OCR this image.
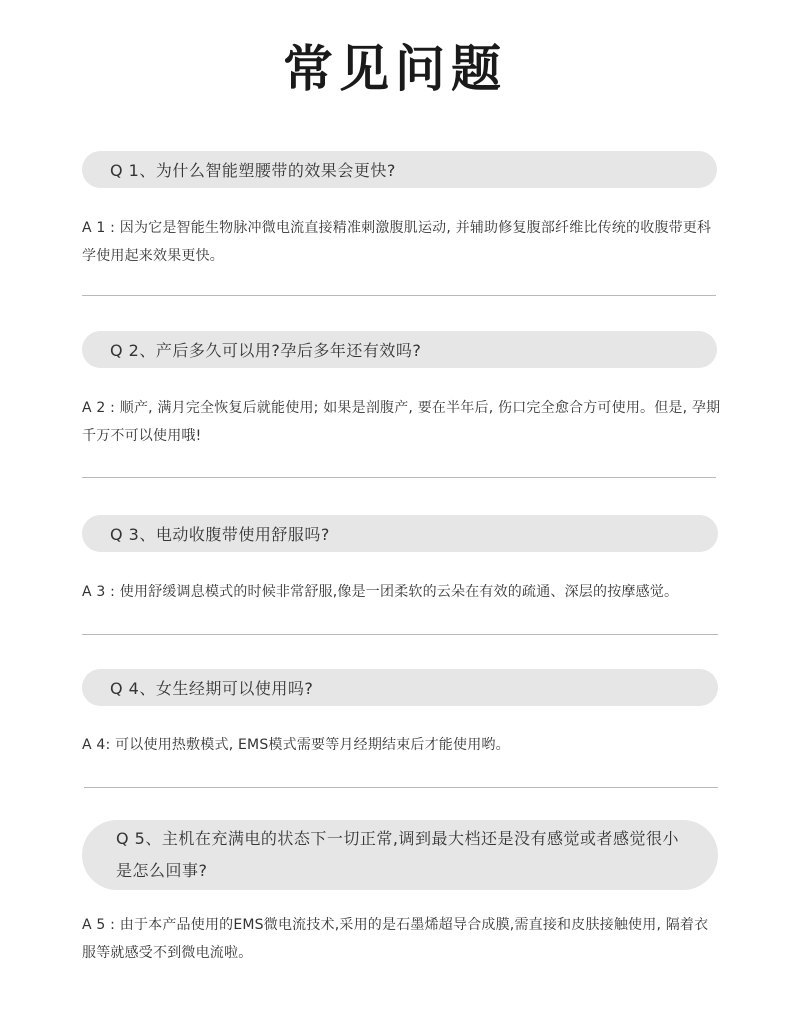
常见问题
Q 1、为什么智能塑腰带的效果会更快?
A 1 : 因为它是智能生物脉冲微电流直接精准刺激腹肌运动, 并辅助修复腹部纤维比传统的收腹带更科学使用起来效果更快。
Q 2、产后多久可以用?孕后多年还有效吗?
A 2 : 顺产, 满月完全恢复后就能使用; 如果是剖腹产, 要在半年后, 伤口完全愈合方可使用。但是, 孕期千万不可以使用哦!
Q 3、电动收腹带使用舒服吗?
A 3 : 使用舒缓调息模式的时候非常舒服,像是一团柔软的云朵在有效的疏通、深层的按摩感觉。
Q 4、女生经期可以使用吗?
A 4: 可以使用热敷模式, EMS模式需要等月经期结束后才能使用哟。
Q 5、主机在充满电的状态下一切正常,调到最大档还是没有感觉或者感觉很小是怎么回事?
A 5 : 由于本产品使用的EMS微电流技术,采用的是石墨烯超导合成膜,需直接和皮肤接触使用, 隔着衣服等就感受不到微电流啦。
